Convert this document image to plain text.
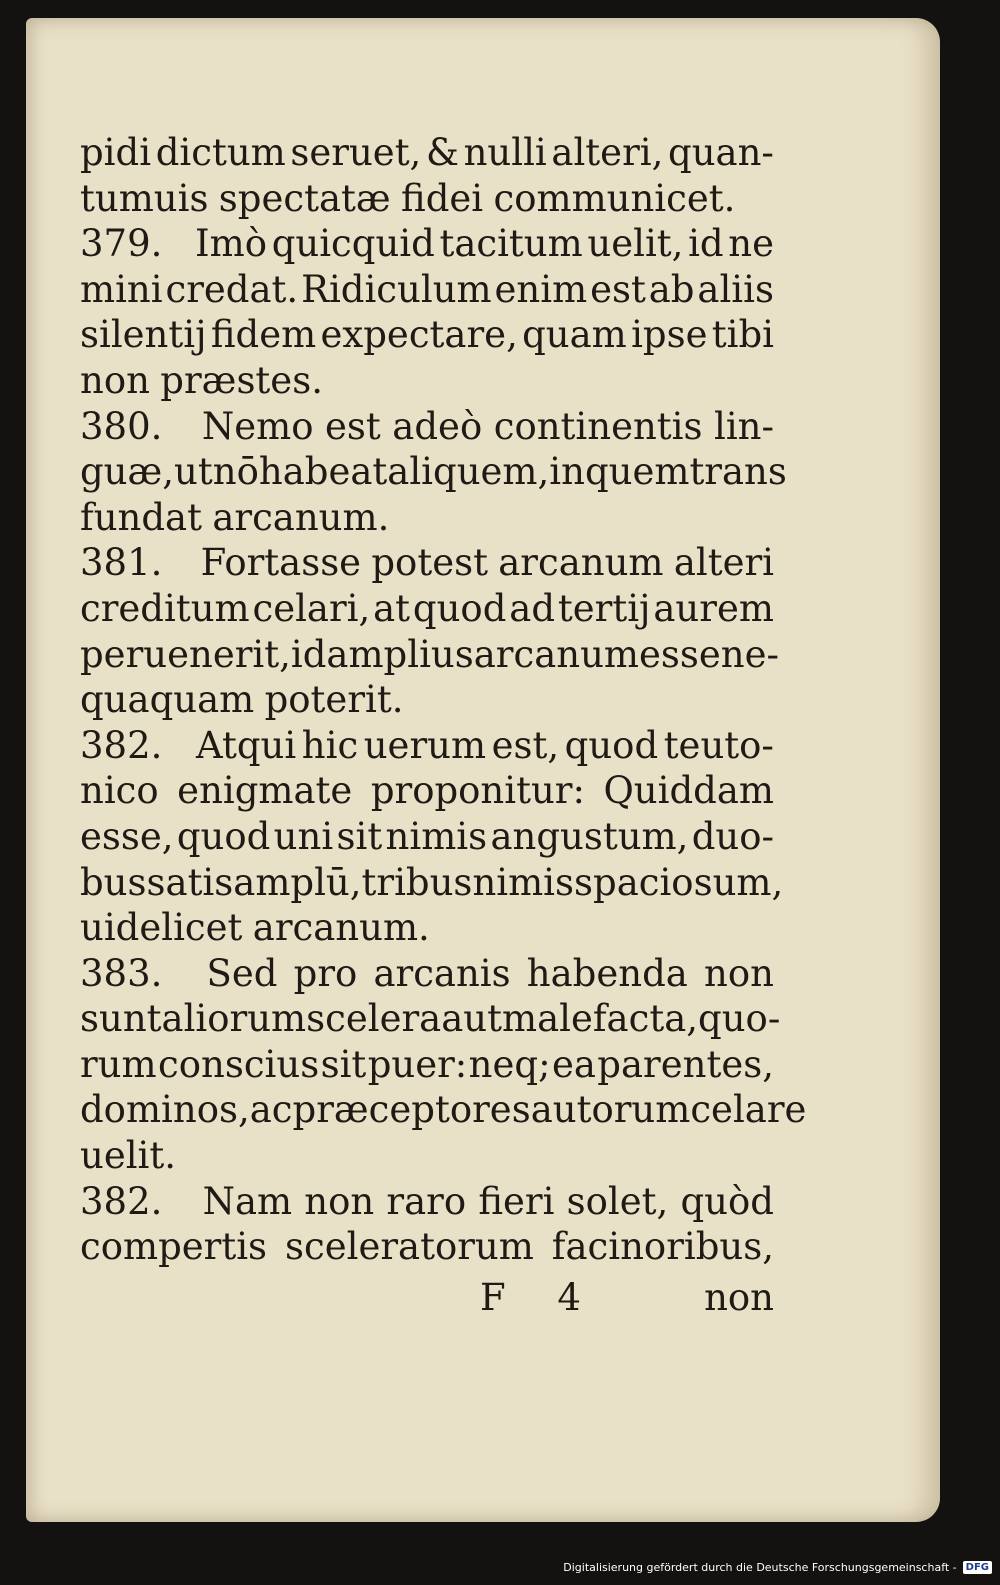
pidi dictum seruet, & nulli alteri, quan-
tumuis spectatæ fidei communicet.
379. Imò quicquid tacitum uelit, id ne
mini credat. Ridiculum enim est ab aliis
silentij fidem expectare, quam ipse tibi
non præstes.
380. Nemo est adeò continentis lin-
guæ,ut nō habeat aliquem, in quem trans
fundat arcanum.
381. Fortasse potest arcanum alteri
creditum celari, at quod ad tertij aurem
peruenerit, id amplius arcanum esse ne-
quaquam poterit.
382. Atqui hic uerum est, quod teuto-
nico enigmate proponitur: Quiddam
esse, quod uni sit nimis angustum, duo-
bus satis amplū, tribus nimis spaciosum,
uidelicet arcanum.
383. Sed pro arcanis habenda non
sunt aliorum scelera aut malefacta, quo-
rum conscius sit puer: neq; ea parentes,
dominos, ac præceptores autorum celare
uelit.
382. Nam non raro fieri solet, quòd
compertis sceleratorum facinoribus,
F 4	non
Digitalisierung gefördert durch die Deutsche Forschungsgemeinschaft - DFG
